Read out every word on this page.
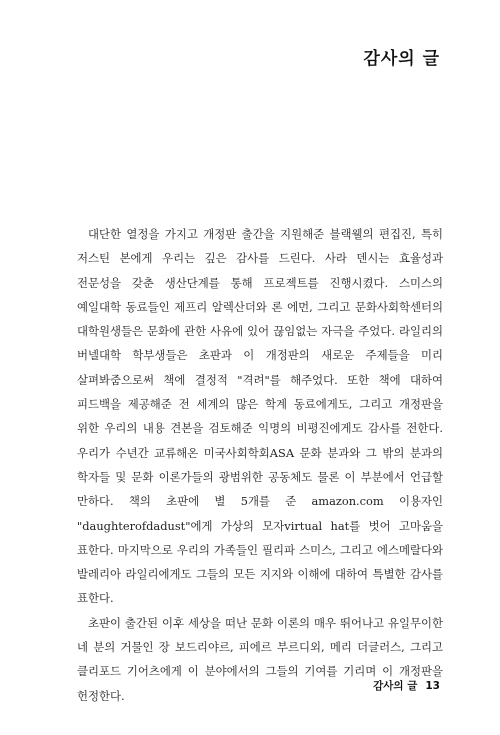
감사의 글

대단한 열정을 가지고 개정판 출간을 지원해준 블랙웰의 편집진, 특히 저스틴 본에게 우리는 깊은 감사를 드린다. 사라 덴시는 효율성과 전문성을 갖춘 생산단계를 통해 프로젝트를 진행시켰다. 스미스의 예일대학 동료들인 제프리 알렉산더와 론 에먼, 그리고 문화사회학센터의 대학원생들은 문화에 관한 사유에 있어 끊임없는 자극을 주었다. 라일리의 버넬대학 학부생들은 초판과 이 개정판의 새로운 주제들을 미리 살펴봐줌으로써 책에 결정적 "격려"를 해주었다. 또한 책에 대하여 피드백을 제공해준 전 세계의 많은 학계 동료에게도, 그리고 개정판을 위한 우리의 내용 견본을 검토해준 익명의 비평진에게도 감사를 전한다. 우리가 수년간 교류해온 미국사회학회ASA 문화 분과와 그 밖의 분과의 학자들 및 문화 이론가들의 광범위한 공동체도 물론 이 부분에서 언급할 만하다. 책의 초판에 별 5개를 준 amazon.com 이용자인 "daughterofdadust"에게 가상의 모자virtual hat를 벗어 고마움을 표한다. 마지막으로 우리의 가족들인 필리파 스미스, 그리고 에스메랄다와 발레리아 라일리에게도 그들의 모든 지지와 이해에 대하여 특별한 감사를 표한다.

초판이 출간된 이후 세상을 떠난 문화 이론의 매우 뛰어나고 유일무이한 네 분의 거물인 장 보드리야르, 피에르 부르디외, 메리 더글러스, 그리고 클리포드 기어츠에게 이 분야에서의 그들의 기여를 기리며 이 개정판을 헌정한다.

감사의 글 13
